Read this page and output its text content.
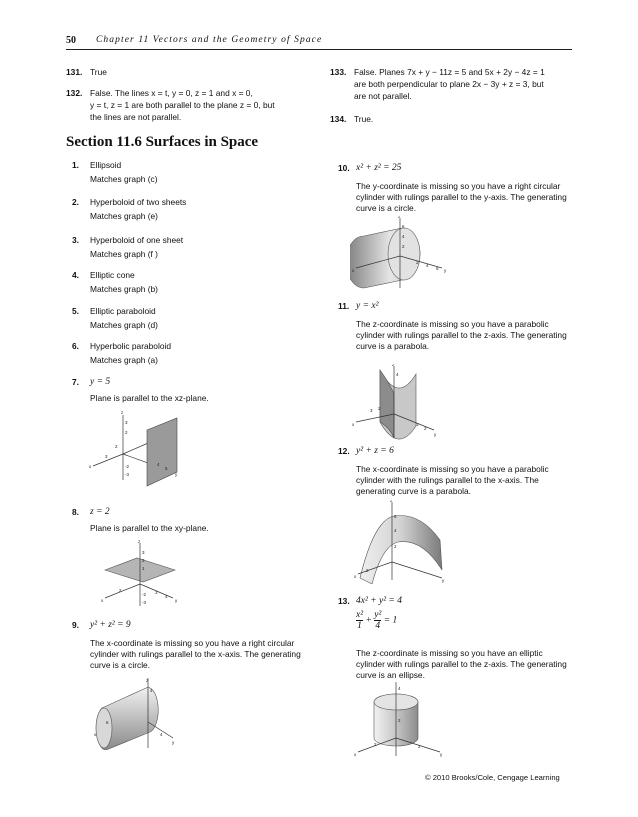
50 Chapter 11 Vectors and the Geometry of Space
131. True
132. False. The lines x = t, y = 0, z = 1 and x = 0,
y = t, z = 1 are both parallel to the plane z = 0, but
the lines are not parallel.
133. False. Planes 7x + y − 11z = 5 and 5x + 2y − 4z = 1
are both perpendicular to plane 2x − 3y + z = 3, but
are not parallel.
134. True.
Section 11.6 Surfaces in Space
1. Ellipsoid
Matches graph (c)
2. Hyperboloid of two sheets
Matches graph (e)
3. Hyperboloid of one sheet
Matches graph (f )
4. Elliptic cone
Matches graph (b)
5. Elliptic paraboloid
Matches graph (d)
6. Hyperbolic paraboloid
Matches graph (a)
7. y = 5
Plane is parallel to the xz-plane.
3
2
-2
-3
3
4
5
2
z
x
y
8. z = 2
Plane is parallel to the xy-plane.
3
2
1
-2
-3
2	3
4
z
x	y
9. y² + z² = 9
The x-coordinate is missing so you have a right circular
cylinder with rulings parallel to the x-axis. The generating
curve is a circle.
4
6
4
z
x
y
10. x² + z² = 25
The y-coordinate is missing so you have a right circular
cylinder with rulings parallel to the y-axis. The generating
curve is a circle.
6
4
2
2
4
6
z
x	y
11. y = x²
The z-coordinate is missing so you have a parabolic
cylinder with rulings parallel to the z-axis. The generating
curve is a parabola.
4
3 2
3
2
z
x
y
12. y² + z = 6
The x-coordinate is missing so you have a parabolic
cylinder with the rulings parallel to the x-axis. The
generating curve is a parabola.
6
4
2
2
z
x
y
13. 4x² + y² = 4
$\frac{\text{x²}}{1} + \frac{\text{y²}}{4} = 1$
The z-coordinate is missing so you have an elliptic
cylinder with rulings parallel to the z-axis. The generating
curve is an ellipse.
4
2
2	2
x	y
© 2010 Brooks/Cole, Cengage Learning
